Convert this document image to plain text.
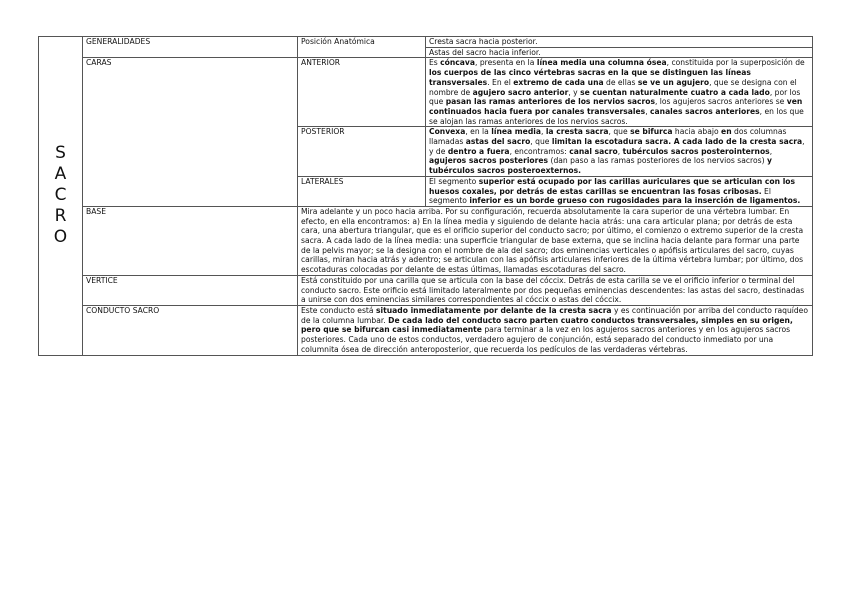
S
A
C
R
O	GENERALIDADES	Posición Anatómica	Cresta sacra hacia posterior.
			Astas del sacro hacia inferior.
	CARAS	ANTERIOR	Es cóncava, presenta en la línea media una columna ósea, constituida por la superposición de los cuerpos de las cinco vértebras sacras en la que se distinguen las líneas transversales. En el extremo de cada una de ellas se ve un agujero, que se designa con el nombre de agujero sacro anterior, y se cuentan naturalmente cuatro a cada lado, por los que pasan las ramas anteriores de los nervios sacros, los agujeros sacros anteriores se ven continuados hacia fuera por canales transversales, canales sacros anteriores, en los que se alojan las ramas anteriores de los nervios sacros.
		POSTERIOR	Convexa, en la línea media, la cresta sacra, que se bifurca hacia abajo en dos columnas llamadas astas del sacro, que limitan la escotadura sacra. A cada lado de la cresta sacra, y de dentro a fuera, encontramos: canal sacro, tubérculos sacros posterointernos, agujeros sacros posteriores (dan paso a las ramas posteriores de los nervios sacros) y tubérculos sacros posteroexternos.
		LATERALES	El segmento superior está ocupado por las carillas auriculares que se articulan con los huesos coxales, por detrás de estas carillas se encuentran las fosas cribosas. El segmento inferior es un borde grueso con rugosidades para la inserción de ligamentos.
	BASE	Mira adelante y un poco hacia arriba. Por su configuración, recuerda absolutamente la cara superior de una vértebra lumbar. En efecto, en ella encontramos: a) En la línea media y siguiendo de delante hacia atrás: una cara articular plana; por detrás de esta cara, una abertura triangular, que es el orificio superior del conducto sacro; por último, el comienzo o extremo superior de la cresta sacra. A cada lado de la línea media: una superficie triangular de base externa, que se inclina hacia delante para formar una parte de la pelvis mayor; se la designa con el nombre de ala del sacro; dos eminencias verticales o apófisis articulares del sacro, cuyas carillas, miran hacia atrás y adentro; se articulan con las apófisis articulares inferiores de la última vértebra lumbar; por último, dos escotaduras colocadas por delante de estas últimas, llamadas escotaduras del sacro.	
	VERTICE	Está constituido por una carilla que se articula con la base del cóccix. Detrás de esta carilla se ve el orificio inferior o terminal del conducto sacro. Este orificio está limitado lateralmente por dos pequeñas eminencias descendentes: las astas del sacro, destinadas a unirse con dos eminencias similares correspondientes al cóccix o astas del cóccix.	
	CONDUCTO SACRO	Este conducto está situado inmediatamente por delante de la cresta sacra y es continuación por arriba del conducto raquídeo de la columna lumbar. De cada lado del conducto sacro parten cuatro conductos transversales, simples en su origen, pero que se bifurcan casi inmediatamente para terminar a la vez en los agujeros sacros anteriores y en los agujeros sacros posteriores. Cada uno de estos conductos, verdadero agujero de conjunción, está separado del conducto inmediato por una columnita ósea de dirección anteroposterior, que recuerda los pedículos de las verdaderas vértebras.	
